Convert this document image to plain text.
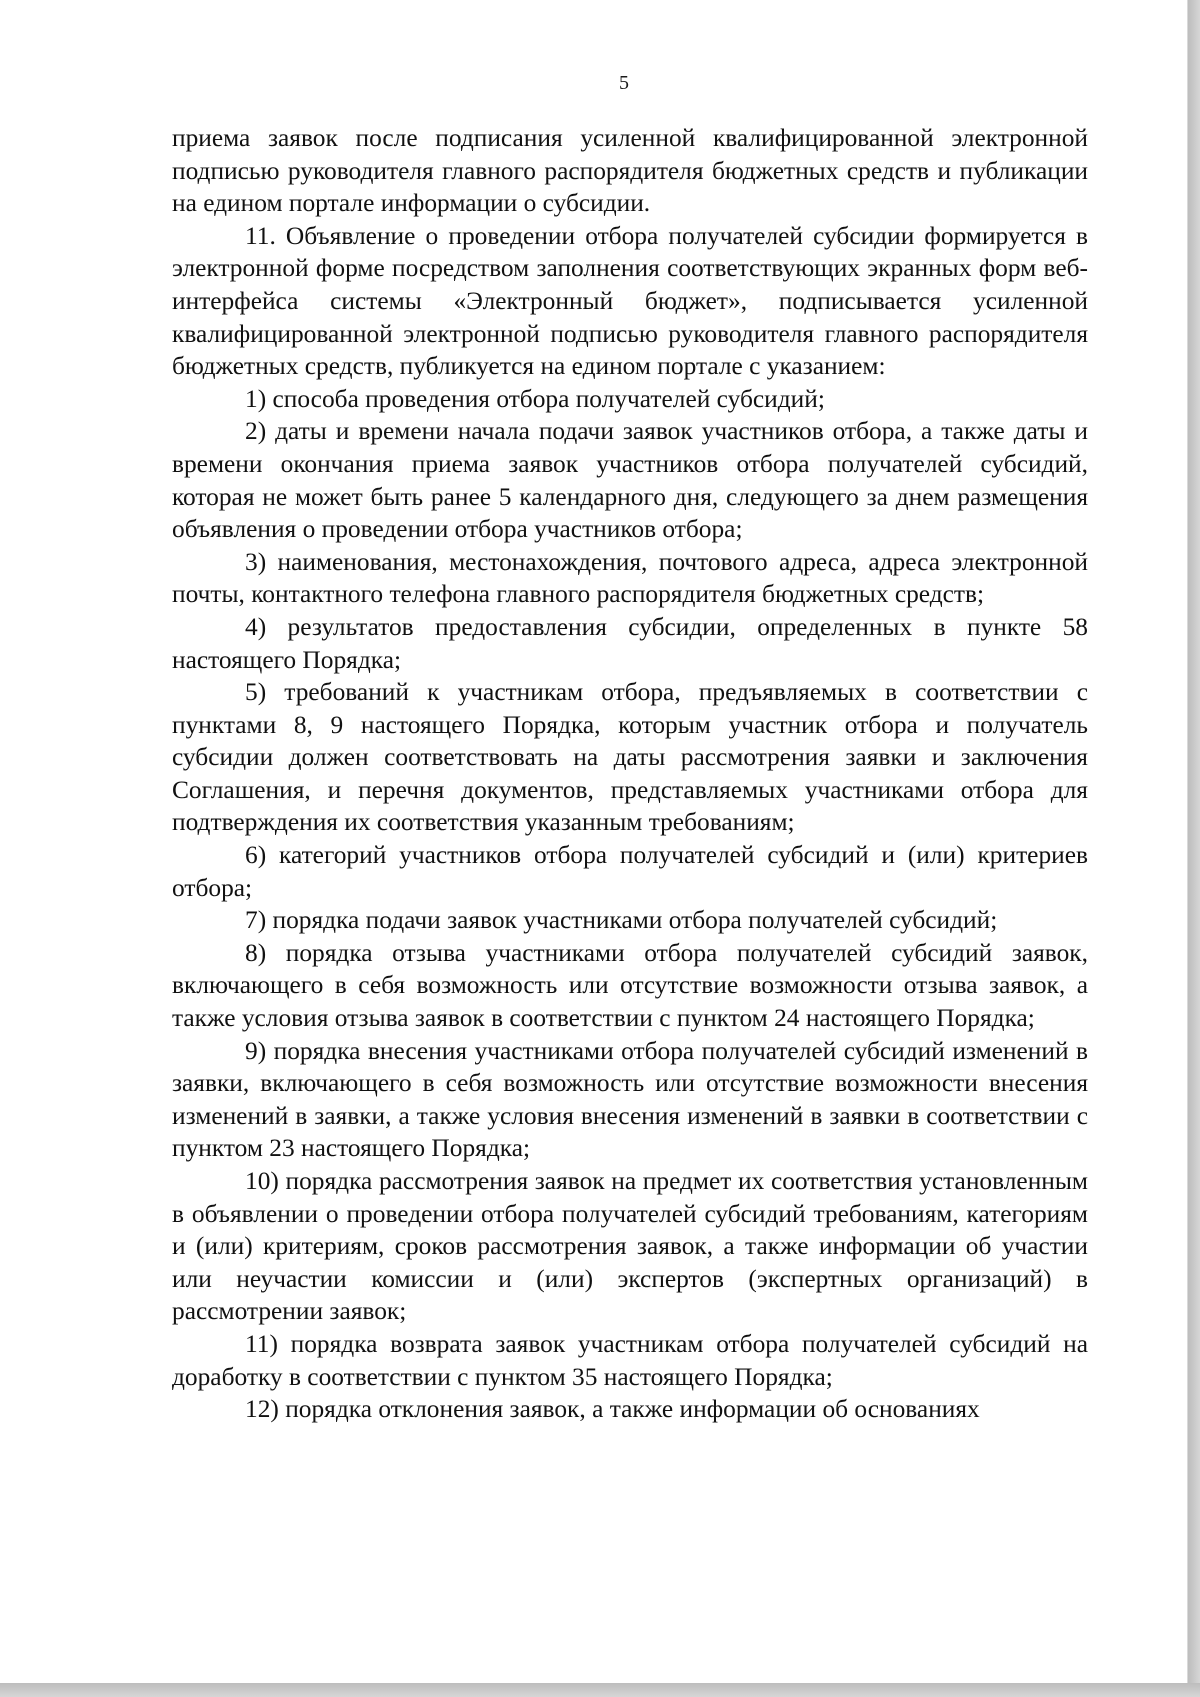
5

приема заявок после подписания усиленной квалифицированной электронной подписью руководителя главного распорядителя бюджетных средств и публикации на едином портале информации о субсидии.

11. Объявление о проведении отбора получателей субсидии формируется в электронной форме посредством заполнения соответствующих экранных форм веб-интерфейса системы «Электронный бюджет», подписывается усиленной квалифицированной электронной подписью руководителя главного распорядителя бюджетных средств, публикуется на едином портале с указанием:

1) способа проведения отбора получателей субсидий;

2) даты и времени начала подачи заявок участников отбора, а также даты и времени окончания приема заявок участников отбора получателей субсидий, которая не может быть ранее 5 календарного дня, следующего за днем размещения объявления о проведении отбора участников отбора;

3) наименования, местонахождения, почтового адреса, адреса электронной почты, контактного телефона главного распорядителя бюджетных средств;

4) результатов предоставления субсидии, определенных в пункте 58 настоящего Порядка;

5) требований к участникам отбора, предъявляемых в соответствии с пунктами 8, 9 настоящего Порядка, которым участник отбора и получатель субсидии должен соответствовать на даты рассмотрения заявки и заключения Соглашения, и перечня документов, представляемых участниками отбора для подтверждения их соответствия указанным требованиям;

6) категорий участников отбора получателей субсидий и (или) критериев отбора;

7) порядка подачи заявок участниками отбора получателей субсидий;

8) порядка отзыва участниками отбора получателей субсидий заявок, включающего в себя возможность или отсутствие возможности отзыва заявок, а также условия отзыва заявок в соответствии с пунктом 24 настоящего Порядка;

9) порядка внесения участниками отбора получателей субсидий изменений в заявки, включающего в себя возможность или отсутствие возможности внесения изменений в заявки, а также условия внесения изменений в заявки в соответствии с пунктом 23 настоящего Порядка;

10) порядка рассмотрения заявок на предмет их соответствия установленным в объявлении о проведении отбора получателей субсидий требованиям, категориям и (или) критериям, сроков рассмотрения заявок, а также информации об участии или неучастии комиссии и (или) экспертов (экспертных организаций) в рассмотрении заявок;

11) порядка возврата заявок участникам отбора получателей субсидий на доработку в соответствии с пунктом 35 настоящего Порядка;

12) порядка отклонения заявок, а также информации об основаниях
